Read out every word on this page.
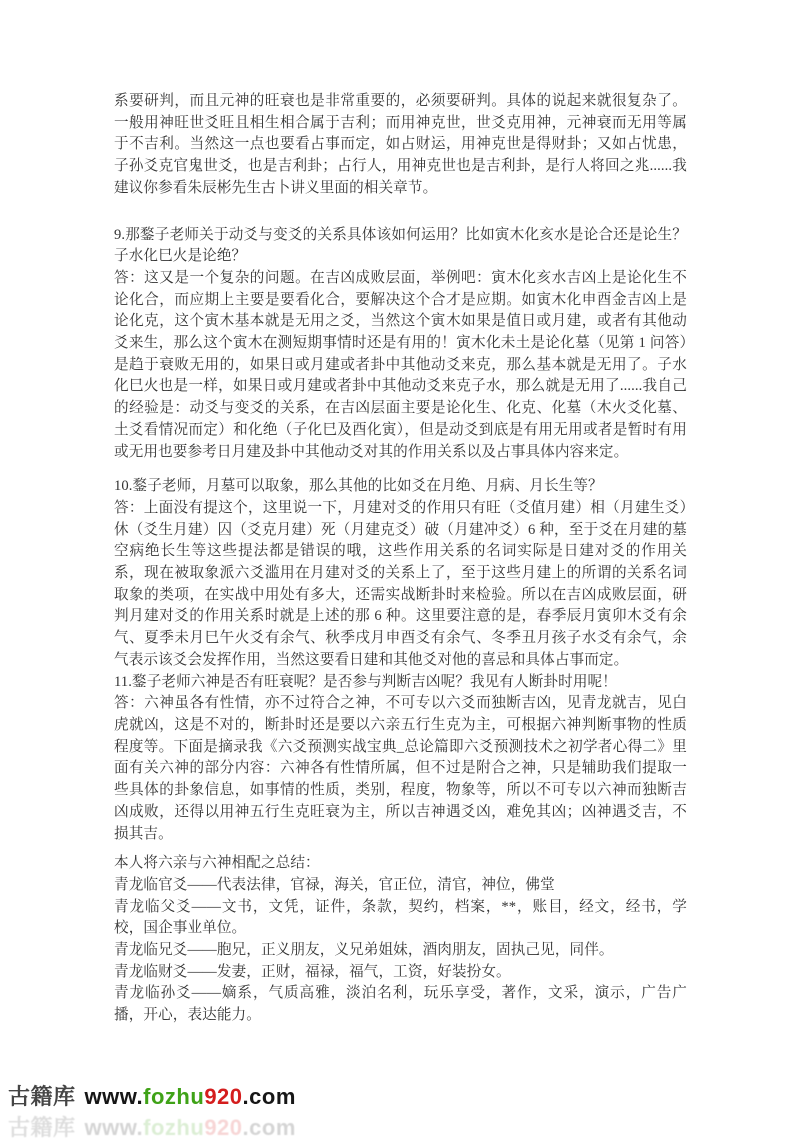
系要研判，而且元神的旺衰也是非常重要的，必须要研判。具体的说起来就很复杂了。一般用神旺世爻旺且相生相合属于吉利；而用神克世，世爻克用神，元神衰而无用等属于不吉利。当然这一点也要看占事而定，如占财运，用神克世是得财卦；又如占忧患，子孙爻克官鬼世爻，也是吉利卦；占行人，用神克世也是吉利卦，是行人将回之兆......我建议你参看朱辰彬先生古卜讲义里面的相关章节。

9.那鍪子老师关于动爻与变爻的关系具体该如何运用？比如寅木化亥水是论合还是论生？子水化巳火是论绝？

答：这又是一个复杂的问题。在吉凶成败层面，举例吧：寅木化亥水吉凶上是论化生不论化合，而应期上主要是要看化合，要解决这个合才是应期。如寅木化申酉金吉凶上是论化克，这个寅木基本就是无用之爻，当然这个寅木如果是值日或月建，或者有其他动爻来生，那么这个寅木在测短期事情时还是有用的！寅木化未土是论化墓（见第 1 问答）是趋于衰败无用的，如果日或月建或者卦中其他动爻来克，那么基本就是无用了。子水化巳火也是一样，如果日或月建或者卦中其他动爻来克子水，那么就是无用了......我自己的经验是：动爻与变爻的关系，在吉凶层面主要是论化生、化克、化墓（木火爻化墓、土爻看情况而定）和化绝（子化巳及酉化寅），但是动爻到底是有用无用或者是暂时有用或无用也要参考日月建及卦中其他动爻对其的作用关系以及占事具体内容来定。

10.鍪子老师，月墓可以取象，那么其他的比如爻在月绝、月病、月长生等？

答：上面没有提这个，这里说一下，月建对爻的作用只有旺（爻值月建）相（月建生爻）休（爻生月建）囚（爻克月建）死（月建克爻）破（月建冲爻）6 种，至于爻在月建的墓空病绝长生等这些提法都是错误的哦，这些作用关系的名词实际是日建对爻的作用关系，现在被取象派六爻滥用在月建对爻的关系上了，至于这些月建上的所谓的关系名词取象的类项，在实战中用处有多大，还需实战断卦时来检验。所以在吉凶成败层面，研判月建对爻的作用关系时就是上述的那 6 种。这里要注意的是，春季辰月寅卯木爻有余气、夏季未月巳午火爻有余气、秋季戌月申酉爻有余气、冬季丑月孩子水爻有余气，余气表示该爻会发挥作用，当然这要看日建和其他爻对他的喜忌和具体占事而定。

11.鍪子老师六神是否有旺衰呢？是否参与判断吉凶呢？我见有人断卦时用呢！

答：六神虽各有性情，亦不过符合之神，不可专以六爻而独断吉凶，见青龙就吉，见白虎就凶，这是不对的，断卦时还是要以六亲五行生克为主，可根据六神判断事物的性质程度等。下面是摘录我《六爻预测实战宝典_总论篇即六爻预测技术之初学者心得二》里面有关六神的部分内容：六神各有性情所属，但不过是附合之神，只是辅助我们提取一些具体的卦象信息，如事情的性质，类别，程度，物象等，所以不可专以六神而独断吉凶成败，还得以用神五行生克旺衰为主，所以吉神遇爻凶，难免其凶；凶神遇爻吉，不损其吉。

本人将六亲与六神相配之总结：

青龙临官爻——代表法律，官禄，海关，官正位，清官，神位，佛堂

青龙临父爻——文书，文凭，证件，条款，契约，档案，**，账目，经文，经书，学校，国企事业单位。

青龙临兄爻——胞兄，正义朋友，义兄弟姐妹，酒肉朋友，固执己见，同伴。

青龙临财爻——发妻，正财，福禄，福气，工资，好装扮女。

青龙临孙爻——嫡系，气质高雅，淡泊名利，玩乐享受，著作，文采，演示，广告广播，开心，表达能力。

古籍库 www.fozhu920.com
古籍库 www.fozhu920.com
